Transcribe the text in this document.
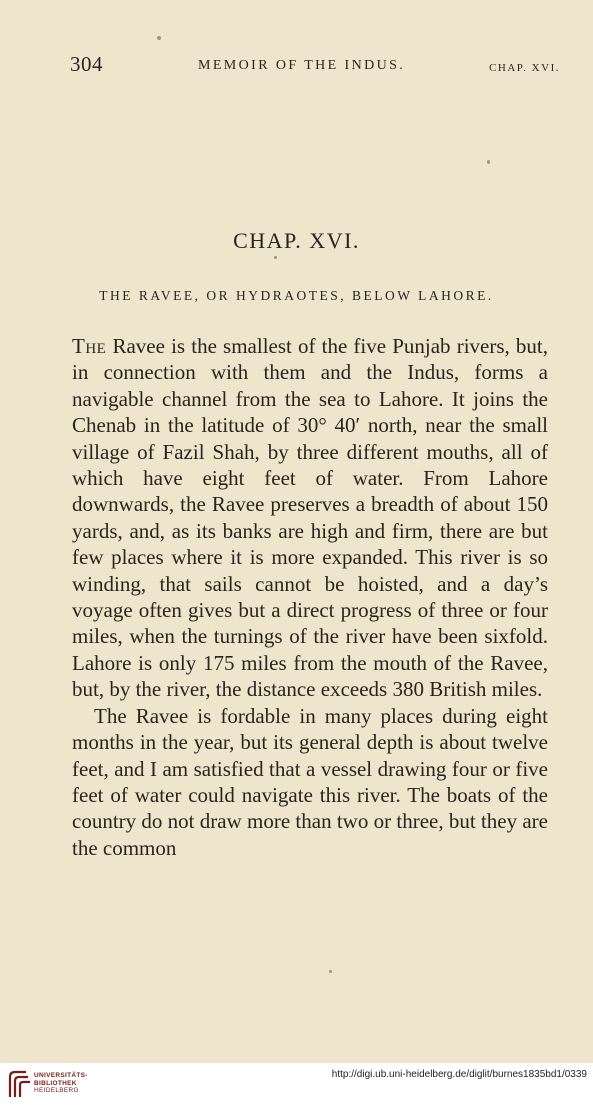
304	MEMOIR OF THE INDUS.	CHAP. XVI.
CHAP. XVI.
THE RAVEE, OR HYDRAOTES, BELOW LAHORE.

The Ravee is the smallest of the five Punjab rivers, but, in connection with them and the Indus, forms a navigable channel from the sea to Lahore. It joins the Chenab in the latitude of 30° 40′ north, near the small village of Fazil Shah, by three different mouths, all of which have eight feet of water. From Lahore downwards, the Ravee preserves a breadth of about 150 yards, and, as its banks are high and firm, there are but few places where it is more expanded. This river is so winding, that sails cannot be hoisted, and a day’s voyage often gives but a direct progress of three or four miles, when the turnings of the river have been sixfold. Lahore is only 175 miles from the mouth of the Ravee, but, by the river, the distance exceeds 380 British miles.

The Ravee is fordable in many places during eight months in the year, but its general depth is about twelve feet, and I am satisfied that a vessel drawing four or five feet of water could navigate this river. The boats of the country do not draw more than two or three, but they are the common

UNIVERSITÄTS-
BIBLIOTHEK
HEIDELBERG
http://digi.ub.uni-heidelberg.de/diglit/burnes1835bd1/0339
